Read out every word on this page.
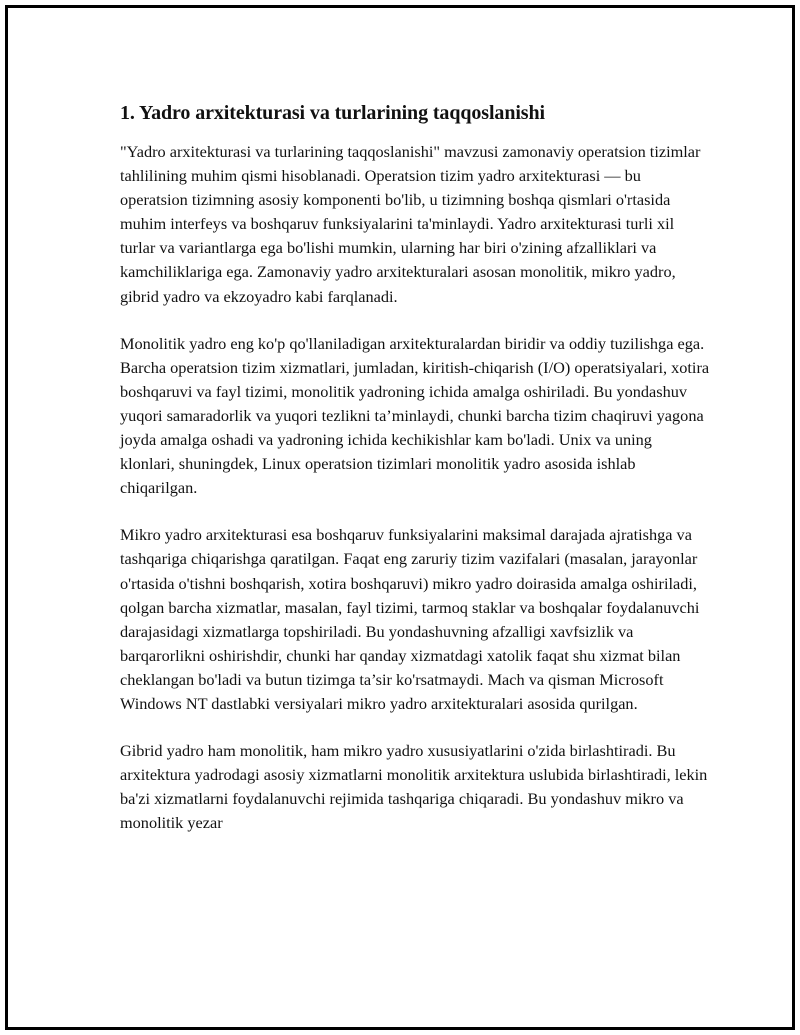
1. Yadro arxitekturasi va turlarining taqqoslanishi

"Yadro arxitekturasi va turlarining taqqoslanishi" mavzusi zamonaviy operatsion tizimlar tahlilining muhim qismi hisoblanadi. Operatsion tizim yadro arxitekturasi — bu operatsion tizimning asosiy komponenti bo'lib, u tizimning boshqa qismlari o'rtasida muhim interfeys va boshqaruv funksiyalarini ta'minlaydi. Yadro arxitekturasi turli xil turlar va variantlarga ega bo'lishi mumkin, ularning har biri o'zining afzalliklari va kamchiliklariga ega. Zamonaviy yadro arxitekturalari asosan monolitik, mikro yadro, gibrid yadro va ekzoyadro kabi farqlanadi.

Monolitik yadro eng ko'p qo'llaniladigan arxitekturalardan biridir va oddiy tuzilishga ega. Barcha operatsion tizim xizmatlari, jumladan, kiritish-chiqarish (I/O) operatsiyalari, xotira boshqaruvi va fayl tizimi, monolitik yadroning ichida amalga oshiriladi. Bu yondashuv yuqori samaradorlik va yuqori tezlikni ta’minlaydi, chunki barcha tizim chaqiruvi yagona joyda amalga oshadi va yadroning ichida kechikishlar kam bo'ladi. Unix va uning klonlari, shuningdek, Linux operatsion tizimlari monolitik yadro asosida ishlab chiqarilgan.

Mikro yadro arxitekturasi esa boshqaruv funksiyalarini maksimal darajada ajratishga va tashqariga chiqarishga qaratilgan. Faqat eng zaruriy tizim vazifalari (masalan, jarayonlar o'rtasida o'tishni boshqarish, xotira boshqaruvi) mikro yadro doirasida amalga oshiriladi, qolgan barcha xizmatlar, masalan, fayl tizimi, tarmoq staklar va boshqalar foydalanuvchi darajasidagi xizmatlarga topshiriladi. Bu yondashuvning afzalligi xavfsizlik va barqarorlikni oshirishdir, chunki har qanday xizmatdagi xatolik faqat shu xizmat bilan cheklangan bo'ladi va butun tizimga ta’sir ko'rsatmaydi. Mach va qisman Microsoft Windows NT dastlabki versiyalari mikro yadro arxitekturalari asosida qurilgan.

Gibrid yadro ham monolitik, ham mikro yadro xususiyatlarini o'zida birlashtiradi. Bu arxitektura yadrodagi asosiy xizmatlarni monolitik arxitektura uslubida birlashtiradi, lekin ba'zi xizmatlarni foydalanuvchi rejimida tashqariga chiqaradi. Bu yondashuv mikro va monolitik yezar
